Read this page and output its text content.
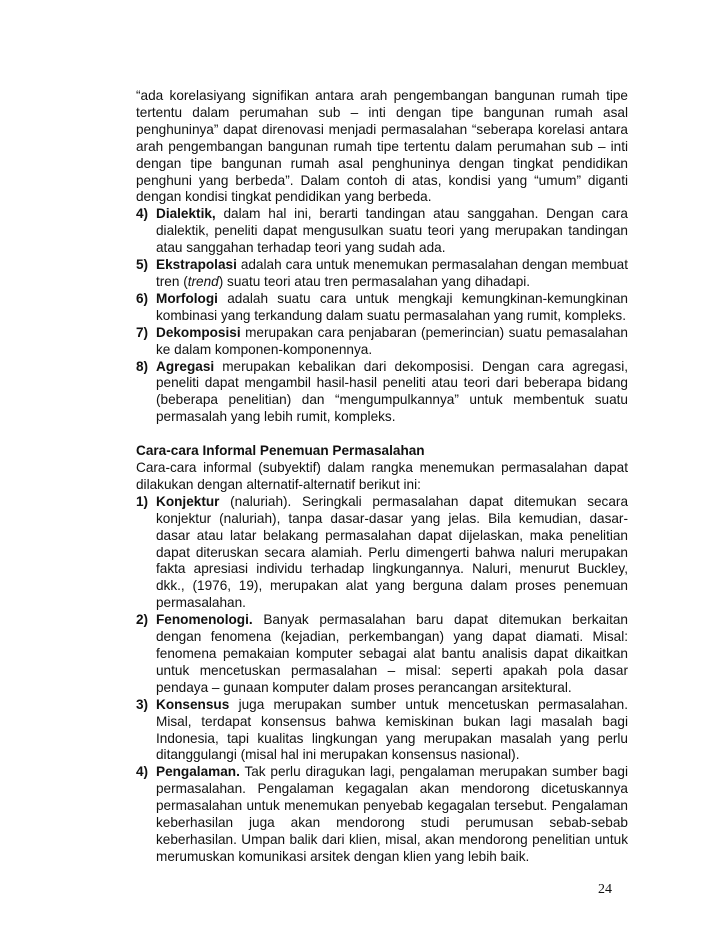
“ada korelasiyang signifikan antara arah pengembangan bangunan rumah tipe tertentu dalam perumahan sub – inti dengan tipe bangunan rumah asal penghuninya” dapat direnovasi menjadi permasalahan “seberapa korelasi antara arah pengembangan bangunan rumah tipe tertentu dalam perumahan sub – inti dengan tipe bangunan rumah asal penghuninya dengan tingkat pendidikan penghuni yang berbeda”. Dalam contoh di atas, kondisi yang “umum” diganti dengan kondisi tingkat pendidikan yang berbeda.

4) Dialektik, dalam hal ini, berarti tandingan atau sanggahan. Dengan cara dialektik, peneliti dapat mengusulkan suatu teori yang merupakan tandingan atau sanggahan terhadap teori yang sudah ada.
5) Ekstrapolasi adalah cara untuk menemukan permasalahan dengan membuat tren (trend) suatu teori atau tren permasalahan yang dihadapi.
6) Morfologi adalah suatu cara untuk mengkaji kemungkinan-kemungkinan kombinasi yang terkandung dalam suatu permasalahan yang rumit, kompleks.
7) Dekomposisi merupakan cara penjabaran (pemerincian) suatu pemasalahan ke dalam komponen-komponennya.
8) Agregasi merupakan kebalikan dari dekomposisi. Dengan cara agregasi, peneliti dapat mengambil hasil-hasil peneliti atau teori dari beberapa bidang (beberapa penelitian) dan “mengumpulkannya” untuk membentuk suatu permasalah yang lebih rumit, kompleks.
Cara-cara Informal Penemuan Permasalahan
Cara-cara informal (subyektif) dalam rangka menemukan permasalahan dapat dilakukan dengan alternatif-alternatif berikut ini:
1) Konjektur (naluriah). Seringkali permasalahan dapat ditemukan secara konjektur (naluriah), tanpa dasar-dasar yang jelas. Bila kemudian, dasar-dasar atau latar belakang permasalahan dapat dijelaskan, maka penelitian dapat diteruskan secara alamiah. Perlu dimengerti bahwa naluri merupakan fakta apresiasi individu terhadap lingkungannya. Naluri, menurut Buckley, dkk., (1976, 19), merupakan alat yang berguna dalam proses penemuan permasalahan.
2) Fenomenologi. Banyak permasalahan baru dapat ditemukan berkaitan dengan fenomena (kejadian, perkembangan) yang dapat diamati. Misal: fenomena pemakaian komputer sebagai alat bantu analisis dapat dikaitkan untuk mencetuskan permasalahan – misal: seperti apakah pola dasar pendaya – gunaan komputer dalam proses perancangan arsitektural.
3) Konsensus juga merupakan sumber untuk mencetuskan permasalahan. Misal, terdapat konsensus bahwa kemiskinan bukan lagi masalah bagi Indonesia, tapi kualitas lingkungan yang merupakan masalah yang perlu ditanggulangi (misal hal ini merupakan konsensus nasional).
4) Pengalaman. Tak perlu diragukan lagi, pengalaman merupakan sumber bagi permasalahan. Pengalaman kegagalan akan mendorong dicetuskannya permasalahan untuk menemukan penyebab kegagalan tersebut. Pengalaman keberhasilan juga akan mendorong studi perumusan sebab-sebab keberhasilan. Umpan balik dari klien, misal, akan mendorong penelitian untuk merumuskan komunikasi arsitek dengan klien yang lebih baik.
24
